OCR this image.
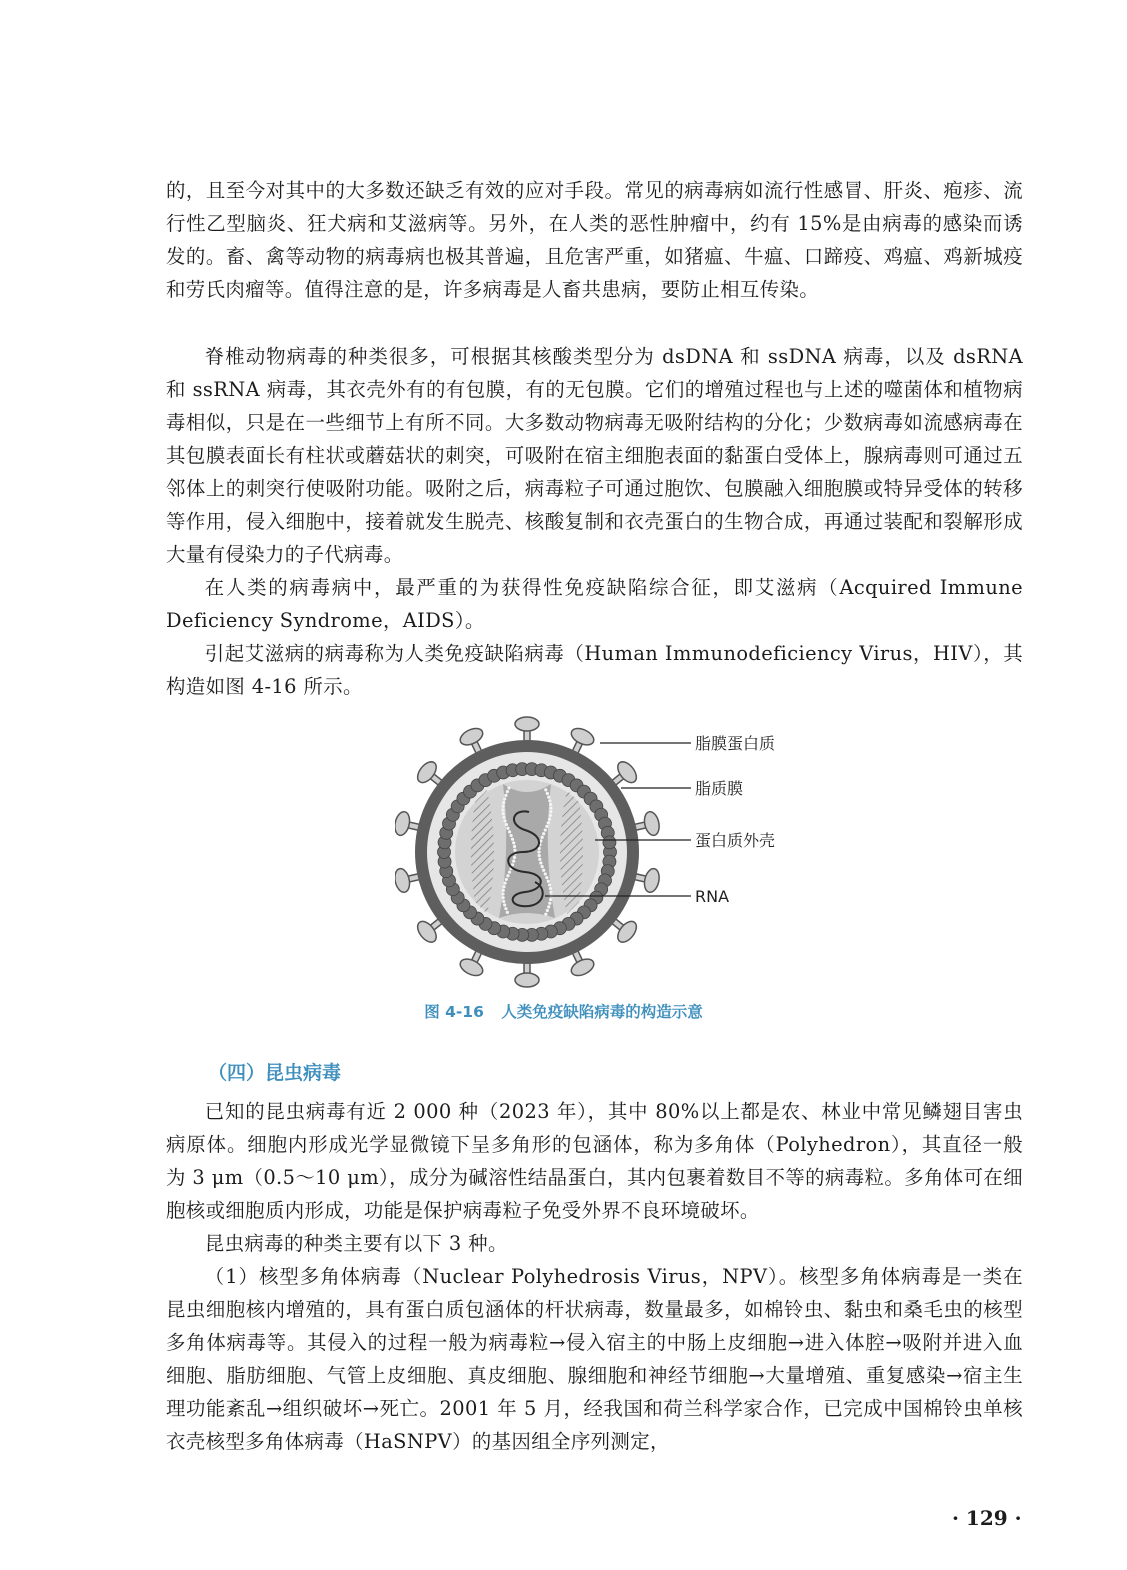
的，且至今对其中的大多数还缺乏有效的应对手段。常见的病毒病如流行性感冒、肝炎、疱疹、流行性乙型脑炎、狂犬病和艾滋病等。另外，在人类的恶性肿瘤中，约有 15%是由病毒的感染而诱发的。畜、禽等动物的病毒病也极其普遍，且危害严重，如猪瘟、牛瘟、口蹄疫、鸡瘟、鸡新城疫和劳氏肉瘤等。值得注意的是，许多病毒是人畜共患病，要防止相互传染。

脊椎动物病毒的种类很多，可根据其核酸类型分为 dsDNA 和 ssDNA 病毒，以及 dsRNA 和 ssRNA 病毒，其衣壳外有的有包膜，有的无包膜。它们的增殖过程也与上述的噬菌体和植物病毒相似，只是在一些细节上有所不同。大多数动物病毒无吸附结构的分化；少数病毒如流感病毒在其包膜表面长有柱状或蘑菇状的刺突，可吸附在宿主细胞表面的黏蛋白受体上，腺病毒则可通过五邻体上的刺突行使吸附功能。吸附之后，病毒粒子可通过胞饮、包膜融入细胞膜或特异受体的转移等作用，侵入细胞中，接着就发生脱壳、核酸复制和衣壳蛋白的生物合成，再通过装配和裂解形成大量有侵染力的子代病毒。

在人类的病毒病中，最严重的为获得性免疫缺陷综合征，即艾滋病（Acquired Immune Deficiency Syndrome，AIDS）。

引起艾滋病的病毒称为人类免疫缺陷病毒（Human Immunodeficiency Virus，HIV），其构造如图 4-16 所示。

脂膜蛋白质
脂质膜
蛋白质外壳
RNA
图 4-16 人类免疫缺陷病毒的构造示意
（四）昆虫病毒

已知的昆虫病毒有近 2 000 种（2023 年），其中 80%以上都是农、林业中常见鳞翅目害虫病原体。细胞内形成光学显微镜下呈多角形的包涵体，称为多角体（Polyhedron），其直径一般为 3 μm（0.5～10 μm），成分为碱溶性结晶蛋白，其内包裹着数目不等的病毒粒。多角体可在细胞核或细胞质内形成，功能是保护病毒粒子免受外界不良环境破坏。

昆虫病毒的种类主要有以下 3 种。

（1）核型多角体病毒（Nuclear Polyhedrosis Virus，NPV）。核型多角体病毒是一类在昆虫细胞核内增殖的，具有蛋白质包涵体的杆状病毒，数量最多，如棉铃虫、黏虫和桑毛虫的核型多角体病毒等。其侵入的过程一般为病毒粒→侵入宿主的中肠上皮细胞→进入体腔→吸附并进入血细胞、脂肪细胞、气管上皮细胞、真皮细胞、腺细胞和神经节细胞→大量增殖、重复感染→宿主生理功能紊乱→组织破坏→死亡。2001 年 5 月，经我国和荷兰科学家合作，已完成中国棉铃虫单核衣壳核型多角体病毒（HaSNPV）的基因组全序列测定，

· 129 ·
